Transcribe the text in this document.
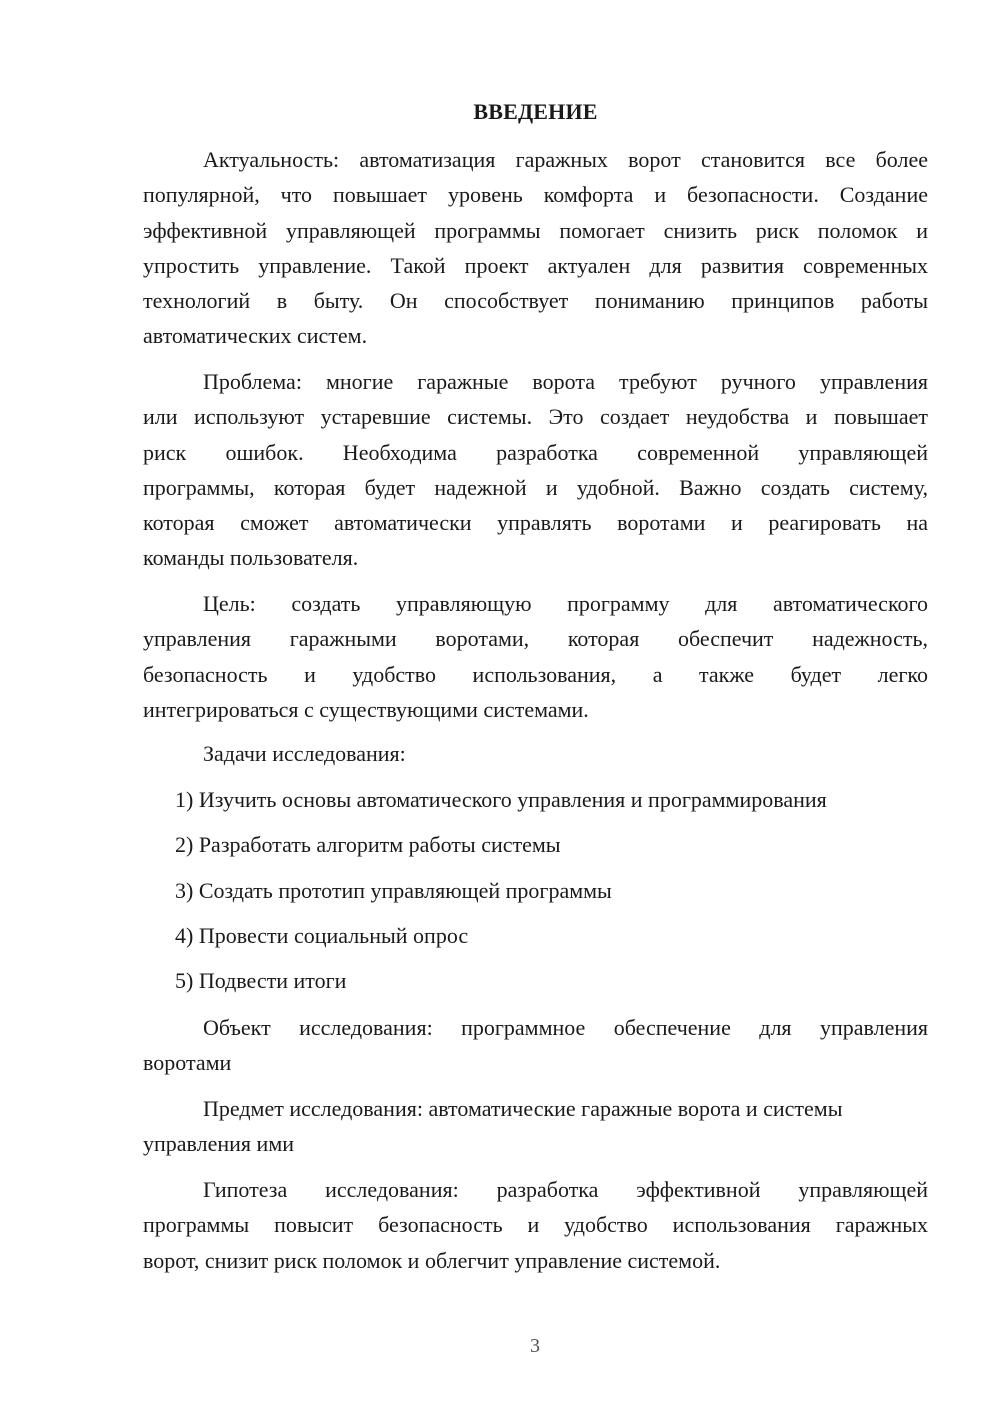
ВВЕДЕНИЕ
Актуальность: автоматизация гаражных ворот становится все более
популярной, что повышает уровень комфорта и безопасности. Создание
эффективной управляющей программы помогает снизить риск поломок и
упростить управление. Такой проект актуален для развития современных
технологий в быту. Он способствует пониманию принципов работы
автоматических систем.
Проблема: многие гаражные ворота требуют ручного управления
или используют устаревшие системы. Это создает неудобства и повышает
риск ошибок. Необходима разработка современной управляющей
программы, которая будет надежной и удобной. Важно создать систему,
которая сможет автоматически управлять воротами и реагировать на
команды пользователя.
Цель: создать управляющую программу для автоматического
управления гаражными воротами, которая обеспечит надежность,
безопасность и удобство использования, а также будет легко
интегрироваться с существующими системами.
Задачи исследования:
1) Изучить основы автоматического управления и программирования
2) Разработать алгоритм работы системы
3) Создать прототип управляющей программы
4) Провести социальный опрос
5) Подвести итоги
Объект исследования: программное обеспечение для управления
воротами
Предмет исследования: автоматические гаражные ворота и системы
управления ими
Гипотеза исследования: разработка эффективной управляющей
программы повысит безопасность и удобство использования гаражных
ворот, снизит риск поломок и облегчит управление системой.
3
